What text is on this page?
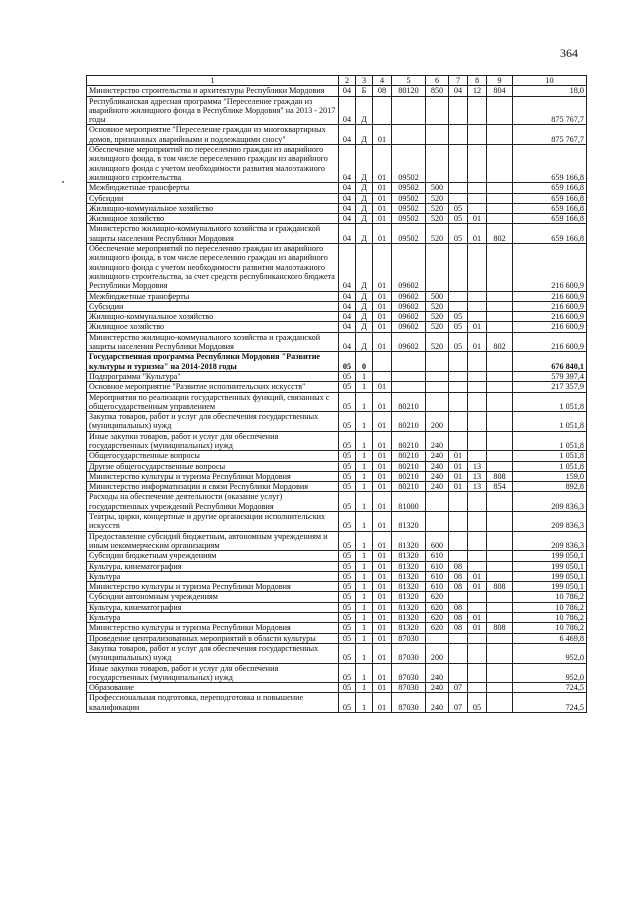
364
1	2	3	4	5	6	7	8	9	10
Министерство строительства и архитектуры Республики Мордовия	04	Б	08	80120	850	04	12	804	18,0
Республиканская адресная программа "Переселение граждан из аварийного жилищного фонда в Республике Мордовия" на 2013 - 2017 годы	04	Д							875 767,7
Основное мероприятие "Переселение граждан из многоквартирных домов, признанных аварийными и подлежащими сносу"	04	Д	01						875 767,7
Обеспечение мероприятий по переселению граждан из аварийного жилищного фонда, в том числе переселению граждан из аварийного жилищного фонда с учетом необходимости развития малоэтажного жилищного строительства	04	Д	01	09502					659 166,8
Межбюджетные трансферты	04	Д	01	09502	500				659 166,8
Субсидии	04	Д	01	09502	520				659 166,8
Жилищно-коммунальное хозяйство	04	Д	01	09502	520	05			659 166,8
Жилищное хозяйство	04	Д	01	09502	520	05	01		659 166,8
Министерство жилищно-коммунального хозяйства и гражданской защиты населения Республики Мордовия	04	Д	01	09502	520	05	01	802	659 166,8
Обеспечение мероприятий по переселению граждан из аварийного жилищного фонда, в том числе переселению граждан из аварийного жилищного фонда с учетом необходимости развития малоэтажного жилищного строительства, за счет средств республиканского бюджета Республики Мордовия	04	Д	01	09602					216 600,9
Межбюджетные трансферты	04	Д	01	09602	500				216 600,9
Субсидии	04	Д	01	09602	520				216 600,9
Жилищно-коммунальное хозяйство	04	Д	01	09602	520	05			216 600,9
Жилищное хозяйство	04	Д	01	09602	520	05	01		216 600,9
Министерство жилищно-коммунального хозяйства и гражданской защиты населения Республики Мордовия	04	Д	01	09602	520	05	01	802	216 600,9
Государственная программа Республики Мордовия "Развитие культуры и туризма" на 2014-2018 годы	05	0							676 840,1
Подпрограмма "Культура"	05	1							579 397,4
Основное мероприятие "Развитие исполнительских искусств"	05	1	01						217 357,9
Мероприятия по реализации государственных функций, связанных с общегосударственным управлением	05	1	01	80210					1 051,8
Закупка товаров, работ и услуг для обеспечения государственных (муниципальных) нужд	05	1	01	80210	200				1 051,8
Иные закупки товаров, работ и услуг для обеспечения государственных (муниципальных) нужд	05	1	01	80210	240				1 051,8
Общегосударственные вопросы	05	1	01	80210	240	01			1 051,8
Другие общегосударственные вопросы	05	1	01	80210	240	01	13		1 051,8
Министерство культуры и туризма Республики Мордовия	05	1	01	80210	240	01	13	808	159,0
Министерство информатизации и связи Республики Мордовия	05	1	01	80210	240	01	13	854	892,8
Расходы на обеспечение деятельности (оказание услуг) государственных учреждений Республики Мордовия	05	1	01	81000					209 836,3
Театры, цирки, концертные и другие организации исполнительских искусств	05	1	01	81320					209 836,3
Предоставление субсидий бюджетным, автономным учреждениям и иным некоммерческим организациям	05	1	01	81320	600				209 836,3
Субсидии бюджетным учреждениям	05	1	01	81320	610				199 050,1
Культура, кинематография	05	1	01	81320	610	08			199 050,1
Культура	05	1	01	81320	610	08	01		199 050,1
Министерство культуры и туризма Республики Мордовия	05	1	01	81320	610	08	01	808	199 050,1
Субсидии автономным учреждениям	05	1	01	81320	620				10 786,2
Культура, кинематография	05	1	01	81320	620	08			10 786,2
Культура	05	1	01	81320	620	08	01		10 786,2
Министерство культуры и туризма Республики Мордовия	05	1	01	81320	620	08	01	808	10 786,2
Проведение централизованных мероприятий в области культуры	05	1	01	87030					6 469,8
Закупка товаров, работ и услуг для обеспечения государственных (муниципальных) нужд	05	1	01	87030	200				952,0
Иные закупки товаров, работ и услуг для обеспечения государственных (муниципальных) нужд	05	1	01	87030	240				952,0
Образование	05	1	01	87030	240	07			724,5
Профессиональная подготовка, переподготовка и повышение квалификации	05	1	01	87030	240	07	05		724,5
